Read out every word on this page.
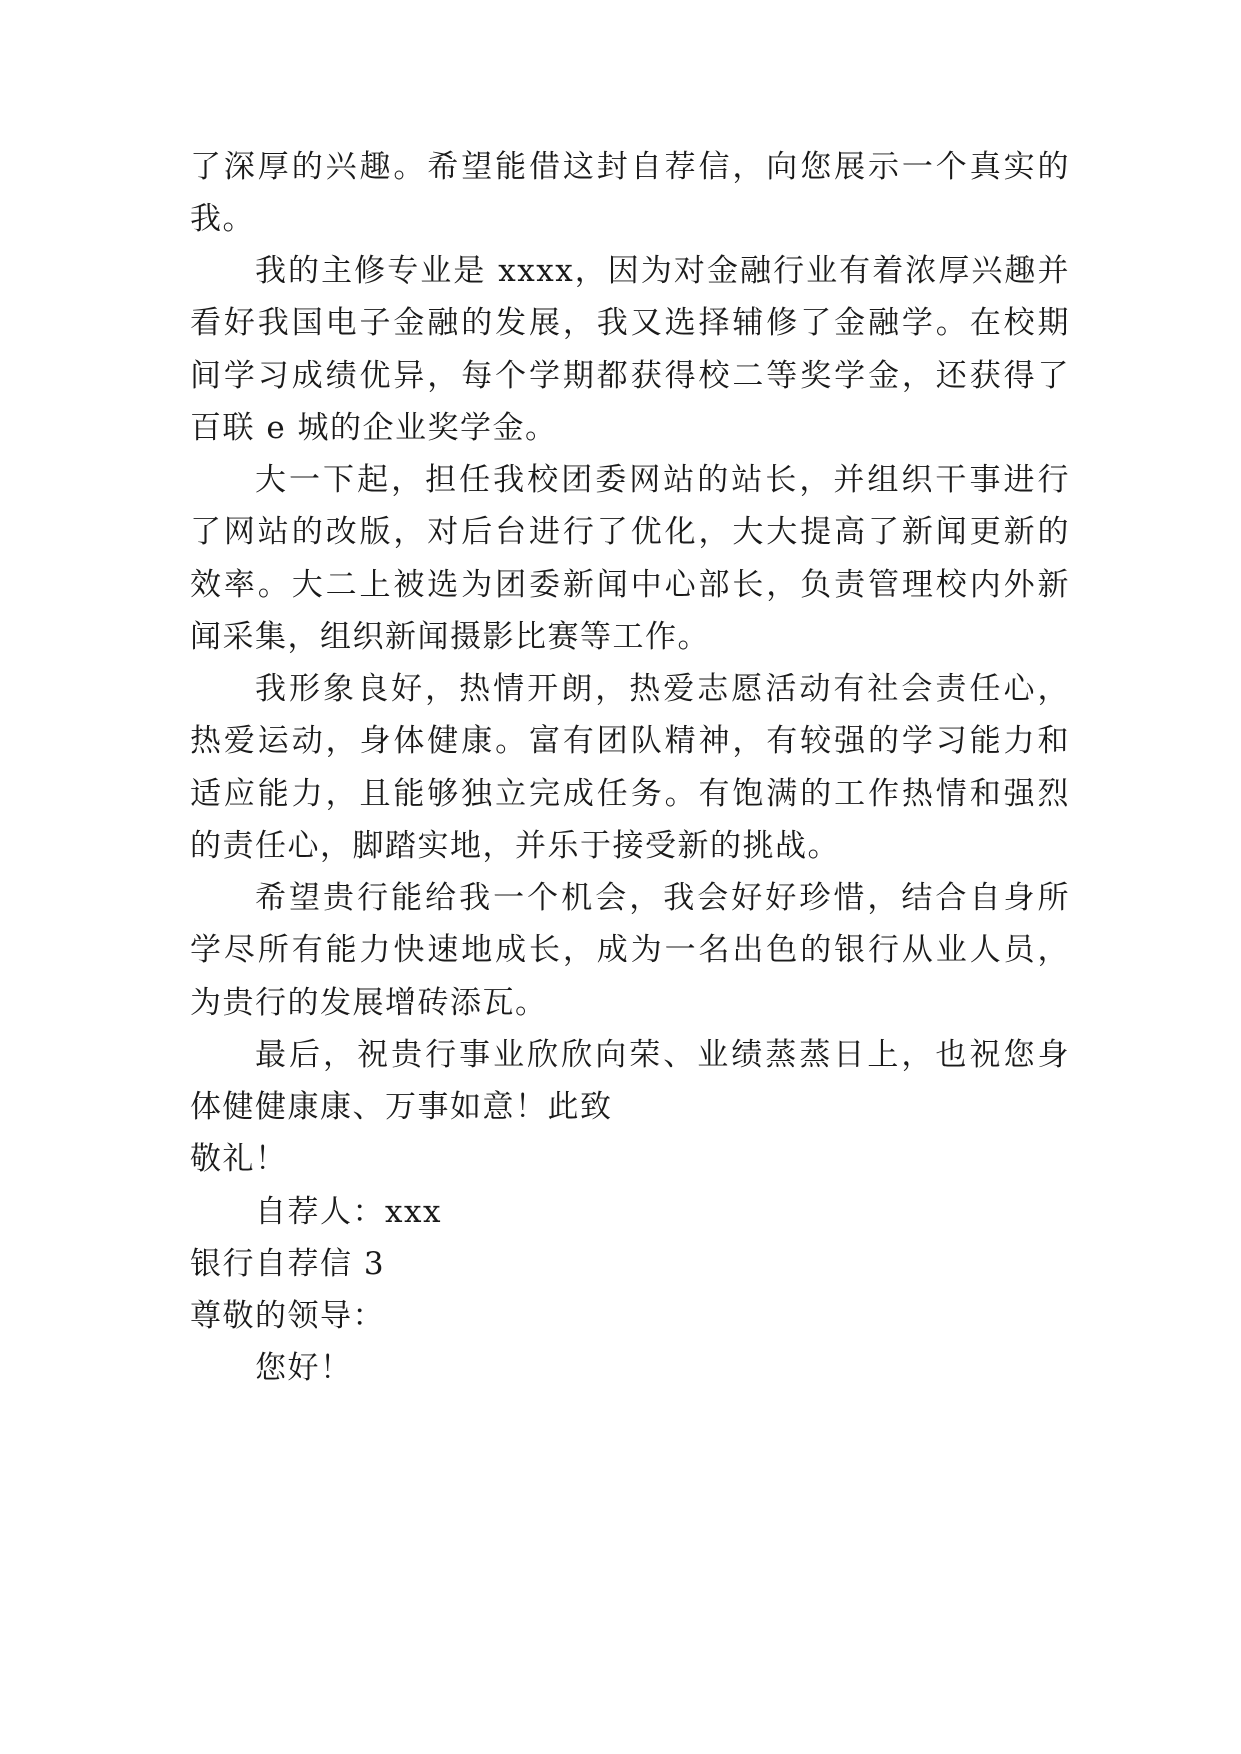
了深厚的兴趣。希望能借这封自荐信，向您展示一个真实的
我。
我的主修专业是 xxxx，因为对金融行业有着浓厚兴趣并
看好我国电子金融的发展，我又选择辅修了金融学。在校期
间学习成绩优异，每个学期都获得校二等奖学金，还获得了
百联 e 城的企业奖学金。
大一下起，担任我校团委网站的站长，并组织干事进行
了网站的改版，对后台进行了优化，大大提高了新闻更新的
效率。大二上被选为团委新闻中心部长，负责管理校内外新
闻采集，组织新闻摄影比赛等工作。
我形象良好，热情开朗，热爱志愿活动有社会责任心，
热爱运动，身体健康。富有团队精神，有较强的学习能力和
适应能力，且能够独立完成任务。有饱满的工作热情和强烈
的责任心，脚踏实地，并乐于接受新的挑战。
希望贵行能给我一个机会，我会好好珍惜，结合自身所
学尽所有能力快速地成长，成为一名出色的银行从业人员，
为贵行的发展增砖添瓦。
最后，祝贵行事业欣欣向荣、业绩蒸蒸日上，也祝您身
体健健康康、万事如意！此致
敬礼！
自荐人：xxx
银行自荐信 3
尊敬的领导：
您好！
